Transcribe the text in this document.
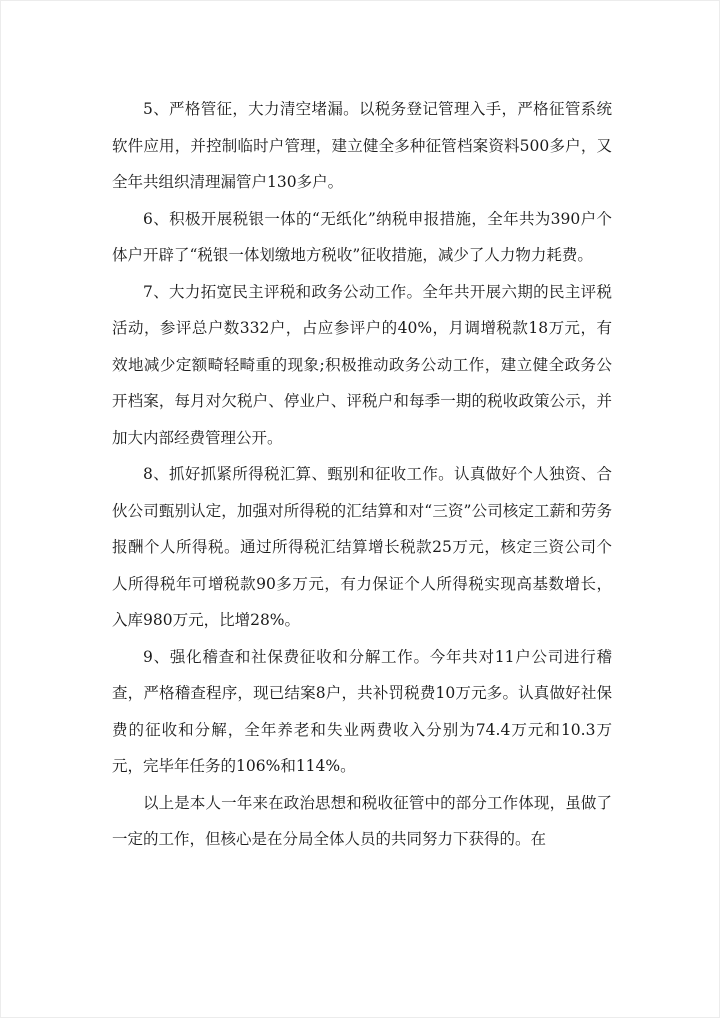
5、严格管征，大力清空堵漏。以税务登记管理入手，严格征管系统软件应用，并控制临时户管理，建立健全多种征管档案资料500多户，又全年共组织清理漏管户130多户。

6、积极开展税银一体的“无纸化”纳税申报措施，全年共为390户个体户开辟了“税银一体划缴地方税收”征收措施，减少了人力物力耗费。

7、大力拓宽民主评税和政务公动工作。全年共开展六期的民主评税活动，参评总户数332户，占应参评户的40%，月调增税款18万元，有效地减少定额畸轻畸重的现象;积极推动政务公动工作，建立健全政务公开档案，每月对欠税户、停业户、评税户和每季一期的税收政策公示，并加大内部经费管理公开。

8、抓好抓紧所得税汇算、甄别和征收工作。认真做好个人独资、合伙公司甄别认定，加强对所得税的汇结算和对“三资”公司核定工薪和劳务报酬个人所得税。通过所得税汇结算增长税款25万元，核定三资公司个人所得税年可增税款90多万元，有力保证个人所得税实现高基数增长，入库980万元，比增28%。

9、强化稽查和社保费征收和分解工作。今年共对11户公司进行稽查，严格稽查程序，现已结案8户，共补罚税费10万元多。认真做好社保费的征收和分解，全年养老和失业两费收入分别为74.4万元和10.3万元，完毕年任务的106%和114%。

以上是本人一年来在政治思想和税收征管中的部分工作体现，虽做了一定的工作，但核心是在分局全体人员的共同努力下获得的。在
